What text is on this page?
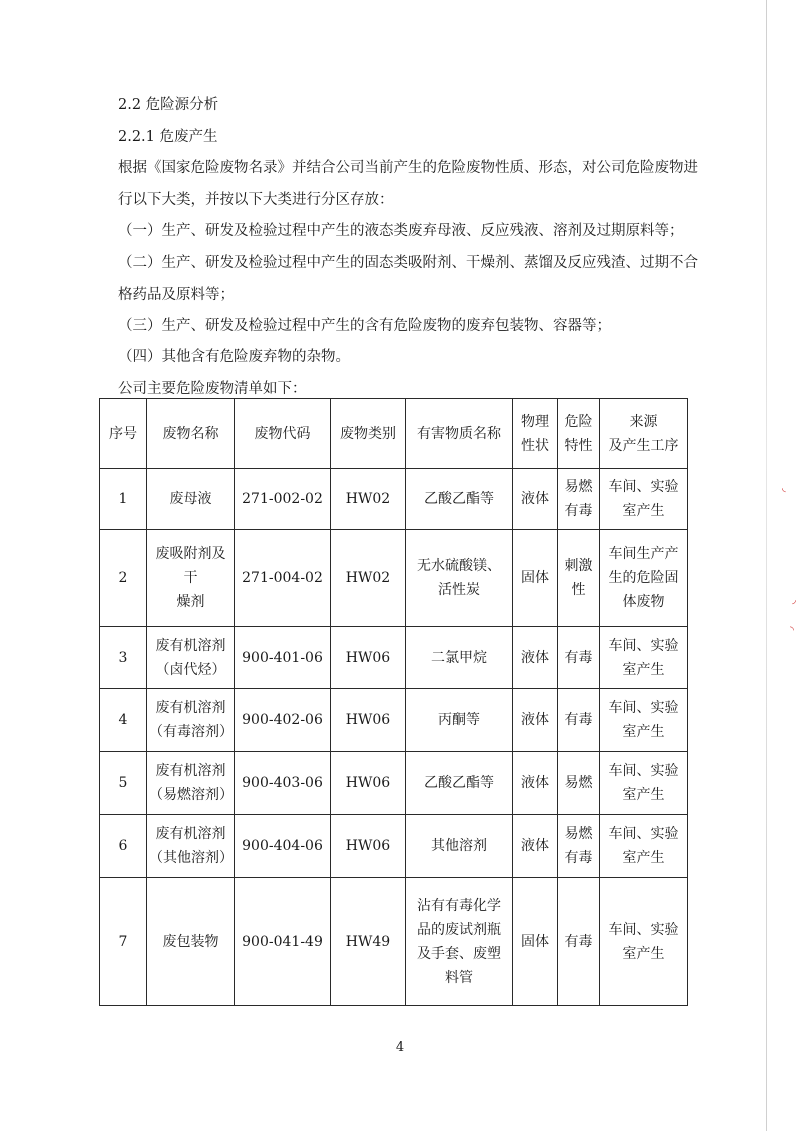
◟
◞
◝

2.2 危险源分析

2.2.1 危废产生

根据《国家危险废物名录》并结合公司当前产生的危险废物性质、形态，对公司危险废物进

行以下大类，并按以下大类进行分区存放：

（一）生产、研发及检验过程中产生的液态类废弃母液、反应残液、溶剂及过期原料等；

（二）生产、研发及检验过程中产生的固态类吸附剂、干燥剂、蒸馏及反应残渣、过期不合

格药品及原料等；

（三）生产、研发及检验过程中产生的含有危险废物的废弃包装物、容器等；

（四）其他含有危险废弃物的杂物。

公司主要危险废物清单如下：

序号	废物名称	废物代码	废物类别	有害物质名称	物理
性状	危险
特性	来源
及产生工序

1	废母液	271-002-02	HW02	乙酸乙酯等	液体	易燃
有毒	车间、实验
室产生

2	废吸附剂及干
燥剂	271-004-02	HW02	无水硫酸镁、
活性炭	固体	刺激
性	车间生产产
生的危险固
体废物

3	废有机溶剂
（卤代烃）	900-401-06	HW06	二氯甲烷	液体	有毒	车间、实验
室产生

4	废有机溶剂
（有毒溶剂）	900-402-06	HW06	丙酮等	液体	有毒	车间、实验
室产生

5	废有机溶剂
（易燃溶剂）	900-403-06	HW06	乙酸乙酯等	液体	易燃	车间、实验
室产生

6	废有机溶剂
（其他溶剂）	900-404-06	HW06	其他溶剂	液体	易燃
有毒	车间、实验
室产生

7	废包装物	900-041-49	HW49	沾有有毒化学
品的废试剂瓶
及手套、废塑
料管	固体	有毒	车间、实验
室产生
4
